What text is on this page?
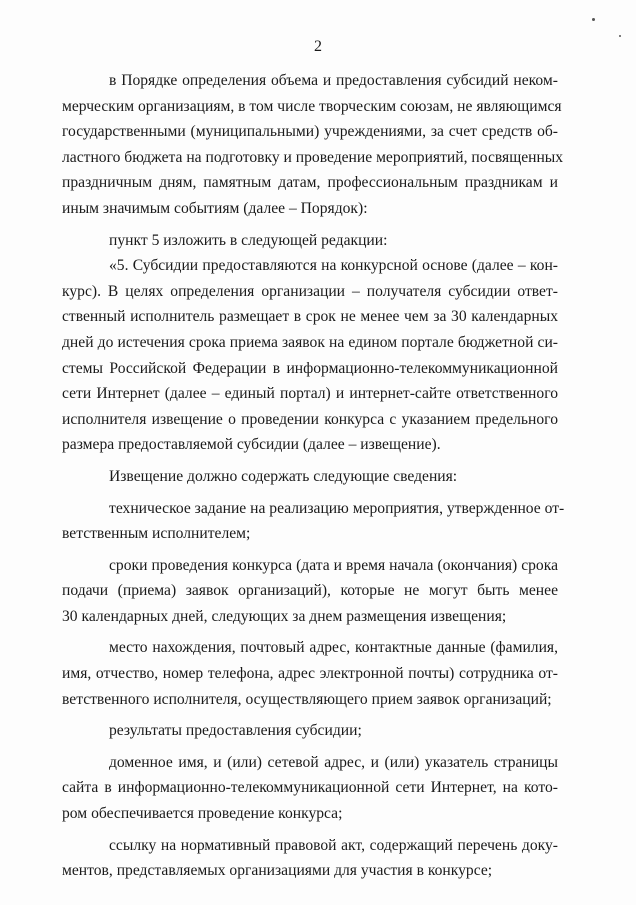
2
в Порядке определения объема и предоставления субсидий неком-
мерческим организациям, в том числе творческим союзам, не являющимся
государственными (муниципальными) учреждениями, за счет средств об-
ластного бюджета на подготовку и проведение мероприятий, посвященных
праздничным дням, памятным датам, профессиональным праздникам и
иным значимым событиям (далее – Порядок):
пункт 5 изложить в следующей редакции:
«5. Субсидии предоставляются на конкурсной основе (далее – кон-
курс). В целях определения организации – получателя субсидии ответ-
ственный исполнитель размещает в срок не менее чем за 30 календарных
дней до истечения срока приема заявок на едином портале бюджетной си-
стемы Российской Федерации в информационно-телекоммуникационной
сети Интернет (далее – единый портал) и интернет-сайте ответственного
исполнителя извещение о проведении конкурса с указанием предельного
размера предоставляемой субсидии (далее – извещение).
Извещение должно содержать следующие сведения:
техническое задание на реализацию мероприятия, утвержденное от-
ветственным исполнителем;
сроки проведения конкурса (дата и время начала (окончания) срока
подачи (приема) заявок организаций), которые не могут быть менее
30 календарных дней, следующих за днем размещения извещения;
место нахождения, почтовый адрес, контактные данные (фамилия,
имя, отчество, номер телефона, адрес электронной почты) сотрудника от-
ветственного исполнителя, осуществляющего прием заявок организаций;
результаты предоставления субсидии;
доменное имя, и (или) сетевой адрес, и (или) указатель страницы
сайта в информационно-телекоммуникационной сети Интернет, на кото-
ром обеспечивается проведение конкурса;
ссылку на нормативный правовой акт, содержащий перечень доку-
ментов, представляемых организациями для участия в конкурсе;
